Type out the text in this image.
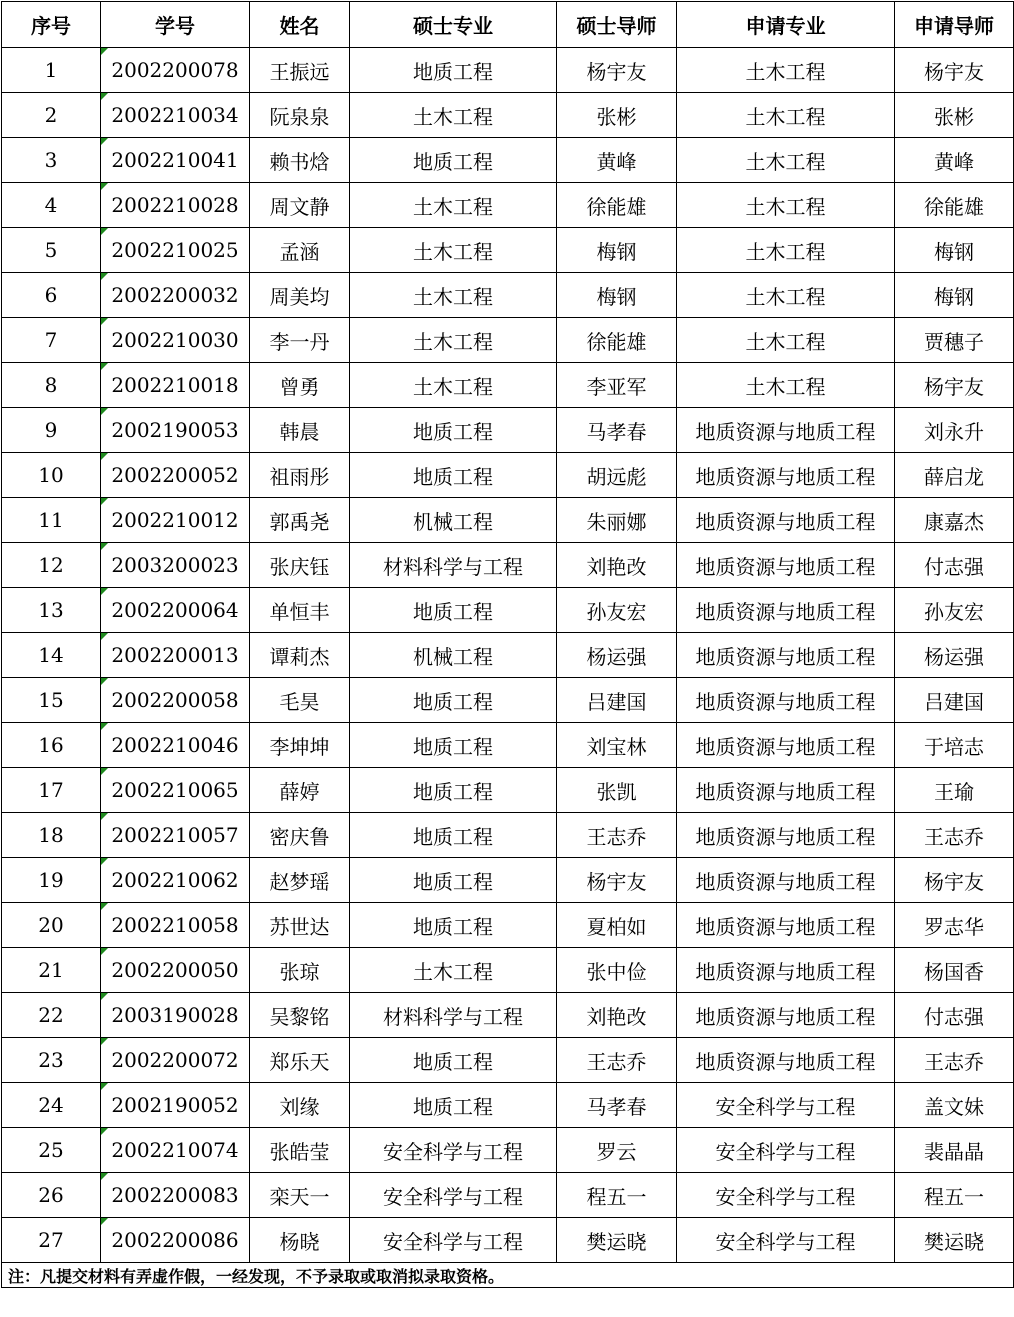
序号	学号	姓名	硕士专业	硕士导师	申请专业	申请导师
1	2002200078	王振远	地质工程	杨宇友	土木工程	杨宇友
2	2002210034	阮泉泉	土木工程	张彬	土木工程	张彬
3	2002210041	赖书焓	地质工程	黄峰	土木工程	黄峰
4	2002210028	周文静	土木工程	徐能雄	土木工程	徐能雄
5	2002210025	孟涵	土木工程	梅钢	土木工程	梅钢
6	2002200032	周美均	土木工程	梅钢	土木工程	梅钢
7	2002210030	李一丹	土木工程	徐能雄	土木工程	贾穗子
8	2002210018	曾勇	土木工程	李亚军	土木工程	杨宇友
9	2002190053	韩晨	地质工程	马孝春	地质资源与地质工程	刘永升
10	2002200052	祖雨彤	地质工程	胡远彪	地质资源与地质工程	薛启龙
11	2002210012	郭禹尧	机械工程	朱丽娜	地质资源与地质工程	康嘉杰
12	2003200023	张庆钰	材料科学与工程	刘艳改	地质资源与地质工程	付志强
13	2002200064	单恒丰	地质工程	孙友宏	地质资源与地质工程	孙友宏
14	2002200013	谭莉杰	机械工程	杨运强	地质资源与地质工程	杨运强
15	2002200058	毛昊	地质工程	吕建国	地质资源与地质工程	吕建国
16	2002210046	李坤坤	地质工程	刘宝林	地质资源与地质工程	于培志
17	2002210065	薛婷	地质工程	张凯	地质资源与地质工程	王瑜
18	2002210057	密庆鲁	地质工程	王志乔	地质资源与地质工程	王志乔
19	2002210062	赵梦瑶	地质工程	杨宇友	地质资源与地质工程	杨宇友
20	2002210058	苏世达	地质工程	夏柏如	地质资源与地质工程	罗志华
21	2002200050	张琼	土木工程	张中俭	地质资源与地质工程	杨国香
22	2003190028	吴黎铭	材料科学与工程	刘艳改	地质资源与地质工程	付志强
23	2002200072	郑乐天	地质工程	王志乔	地质资源与地质工程	王志乔
24	2002190052	刘缘	地质工程	马孝春	安全科学与工程	盖文妹
25	2002210074	张皓莹	安全科学与工程	罗云	安全科学与工程	裴晶晶
26	2002200083	栾天一	安全科学与工程	程五一	安全科学与工程	程五一
27	2002200086	杨晓	安全科学与工程	樊运晓	安全科学与工程	樊运晓
注：凡提交材料有弄虚作假，一经发现，不予录取或取消拟录取资格。						
